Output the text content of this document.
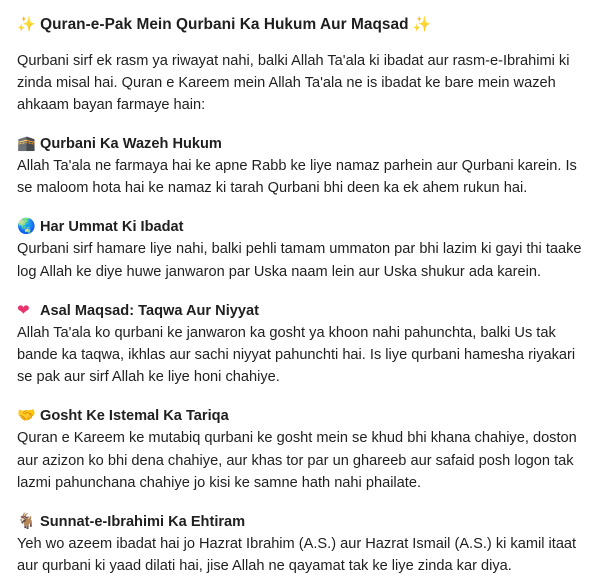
✨ Quran-e-Pak Mein Qurbani Ka Hukum Aur Maqsad ✨

Qurbani sirf ek rasm ya riwayat nahi, balki Allah Ta'ala ki ibadat aur rasm-e-Ibrahimi ki zinda misal hai. Quran e Kareem mein Allah Ta'ala ne is ibadat ke bare mein wazeh ahkaam bayan farmaye hain:

🕋 Qurbani Ka Wazeh Hukum

Allah Ta'ala ne farmaya hai ke apne Rabb ke liye namaz parhein aur Qurbani karein. Is se maloom hota hai ke namaz ki tarah Qurbani bhi deen ka ek ahem rukun hai.

🌏 Har Ummat Ki Ibadat

Qurbani sirf hamare liye nahi, balki pehli tamam ummaton par bhi lazim ki gayi thi taake log Allah ke diye huwe janwaron par Uska naam lein aur Uska shukur ada karein.

❤ Asal Maqsad: Taqwa Aur Niyyat

Allah Ta'ala ko qurbani ke janwaron ka gosht ya khoon nahi pahunchta, balki Us tak bande ka taqwa, ikhlas aur sachi niyyat pahunchti hai. Is liye qurbani hamesha riyakari se pak aur sirf Allah ke liye honi chahiye.

🤝 Gosht Ke Istemal Ka Tariqa

Quran e Kareem ke mutabiq qurbani ke gosht mein se khud bhi khana chahiye, doston aur azizon ko bhi dena chahiye, aur khas tor par un ghareeb aur safaid posh logon tak lazmi pahunchana chahiye jo kisi ke samne hath nahi phailate.

🐐 Sunnat-e-Ibrahimi Ka Ehtiram

Yeh wo azeem ibadat hai jo Hazrat Ibrahim (A.S.) aur Hazrat Ismail (A.S.) ki kamil itaat aur qurbani ki yaad dilati hai, jise Allah ne qayamat tak ke liye zinda kar diya.
